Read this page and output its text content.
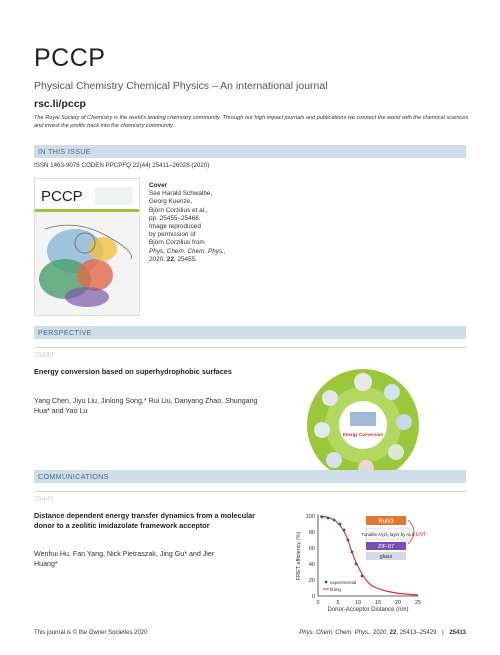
PCCP
Physical Chemistry Chemical Physics – An international journal
rsc.li/pccp
The Royal Society of Chemistry is the world’s leading chemistry community. Through our high impact journals and publications we connect the world with the chemical sciences and invest the profits back into the chemistry community.
IN THIS ISSUE
ISSN 1463-9076 CODEN PPCPFQ 22(44) 25411–26028 (2020)
PCCP
Cover
See Harald Schwalbe,
Georg Kuenze,
Björn Corzilius et al.,
pp. 25455–25466.
Image reproduced
by permission of
Björn Corzilius from
Phys. Chem. Chem. Phys.,
2020, 22, 25455.
PERSPECTIVE
25430
Energy conversion based on superhydrophobic surfaces
Yang Chen, Jiyu Liu, Jinlong Song,* Rui Liu, Danyang Zhao, Shungang Hua* and Yao Lu
Energy Conversion
COMMUNICATIONS
25445
Distance dependent energy transfer dynamics from a molecular donor to a zeolitic imidazolate framework acceptor
Wenhui Hu, Fan Yang, Nick Pietraszak, Jing Gu* and Jier Huang*
100
80
60
40
20
0
0	5	10	15	20	25
Donor-Acceptor Distance (nm)
FRET efficiency (%)
RuN3
Tunable Al₂O₃ layer by ALD
ZIF-67
glass
ENT
experimental
fitting
This journal is © the Owner Societies 2020	Phys. Chem. Chem. Phys., 2020, 22, 25413–25429 | 25413
